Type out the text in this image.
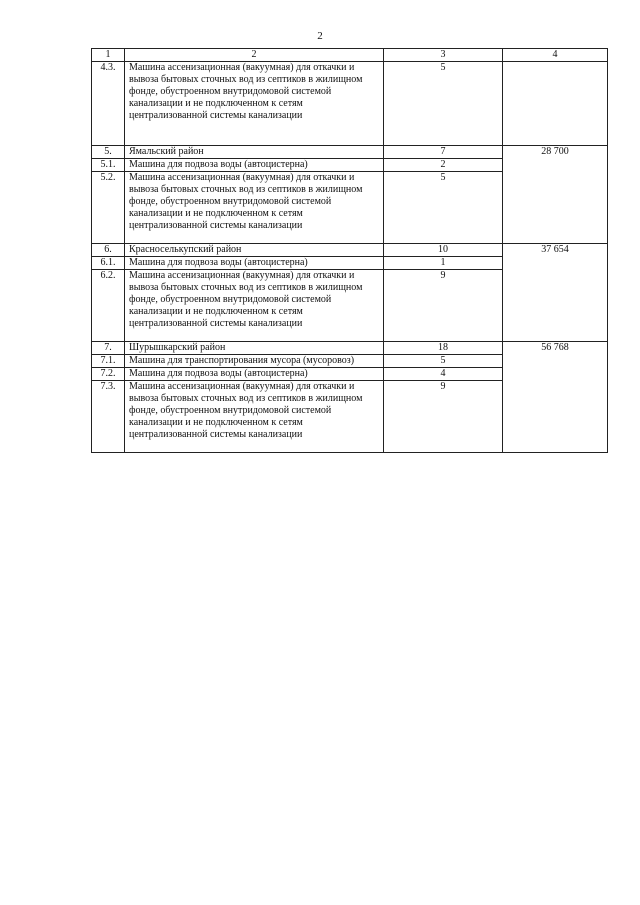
2
1	2	3	4
4.3.	Машина ассенизационная (вакуумная) для откачки и вывоза бытовых сточных вод из септиков в жилищном фонде, обустроенном внутридомовой системой канализации и не подключенном к сетям централизованной системы канализации	5	
5.	Ямальский район	7	28 700
5.1.	Машина для подвоза воды (автоцистерна)	2	
5.2.	Машина ассенизационная (вакуумная) для откачки и вывоза бытовых сточных вод из септиков в жилищном фонде, обустроенном внутридомовой системой канализации и не подключенном к сетям централизованной системы канализации	5	
6.	Красноселькупский район	10	37 654
6.1.	Машина для подвоза воды (автоцистерна)	1	
6.2.	Машина ассенизационная (вакуумная) для откачки и вывоза бытовых сточных вод из септиков в жилищном фонде, обустроенном внутридомовой системой канализации и не подключенном к сетям централизованной системы канализации	9	
7.	Шурышкарский район	18	56 768
7.1.	Машина для транспортирования мусора (мусоровоз)	5	
7.2.	Машина для подвоза воды (автоцистерна)	4	
7.3.	Машина ассенизационная (вакуумная) для откачки и вывоза бытовых сточных вод из септиков в жилищном фонде, обустроенном внутридомовой системой канализации и не подключенном к сетям централизованной системы канализации	9	
